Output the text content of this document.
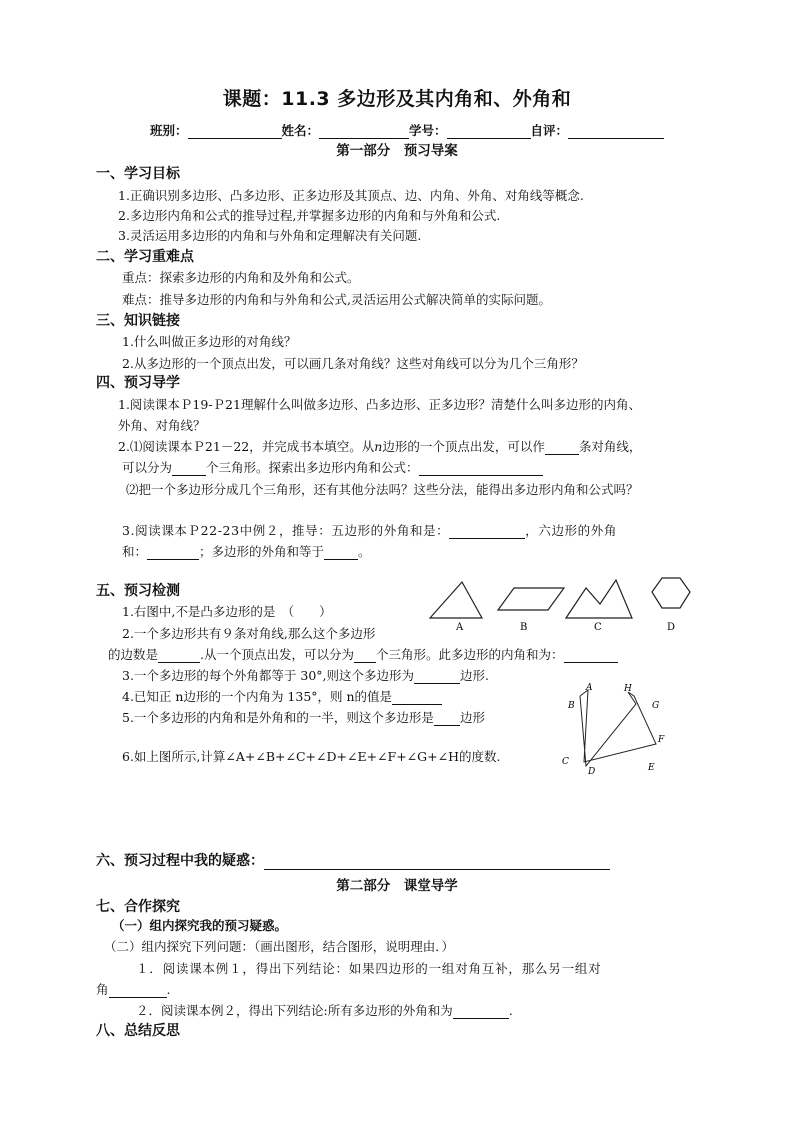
课题：11.3 多边形及其内角和、外角和
班别：	姓名：	学号：	自评：
第一部分　预习导案
一、学习目标
1.正确识别多边形、凸多边形、正多边形及其顶点、边、内角、外角、对角线等概念.
2.多边形内角和公式的推导过程,并掌握多边形的内角和与外角和公式.
3.灵活运用多边形的内角和与外角和定理解决有关问题.
二、学习重难点
重点：探索多边形的内角和及外角和公式。
难点：推导多边形的内角和与外角和公式,灵活运用公式解决简单的实际问题。
三、知识链接
1.什么叫做正多边形的对角线？
2.从多边形的一个顶点出发，可以画几条对角线？这些对角线可以分为几个三角形？
四、预习导学
1.阅读课本Ｐ19-Ｐ21理解什么叫做多边形、凸多边形、正多边形？清楚什么叫多边形的内角、
外角、对角线？
2.⑴阅读课本Ｐ21－22，并完成书本填空。从n边形的一个顶点出发，可以作	条对角线，
可以分为	个三角形。探索出多边形内角和公式：
⑵把一个多边形分成几个三角形，还有其他分法吗？这些分法，能得出多边形内角和公式吗？
3.阅读课本Ｐ22-23中例２，推导：五边形的外角和是：	，六边形的外角
和：	；多边形的外角和等于	。
五、预习检测
1.右图中,不是凸多边形的是　（　　）
2.一个多边形共有９条对角线,那么这个多边形
的边数是	.从一个顶点出发，可以分为 个三角形。此多边形的内角和为：
3.一个多边形的每个外角都等于 30°,则这个多边形为	边形.
4.已知正 n边形的一个内角为 135°，则 n的值是
5.一个多边形的内角和是外角和的一半，则这个多边形是 边形
6.如上图所示,计算∠A+∠B+∠C+∠D+∠E+∠F+∠G+∠H的度数.
A	B	C	D
A	H
B	G
F
C
D	E
六、预习过程中我的疑惑：
第二部分　课堂导学
七、合作探究
（一）组内探究我的预习疑惑。
（二）组内探究下列问题：（画出图形，结合图形，说明理由．）
１．阅读课本例１，得出下列结论：如果四边形的一组对角互补，那么另一组对
角	.
２．阅读课本例２，得出下列结论:所有多边形的外角和为	.
八、总结反思
